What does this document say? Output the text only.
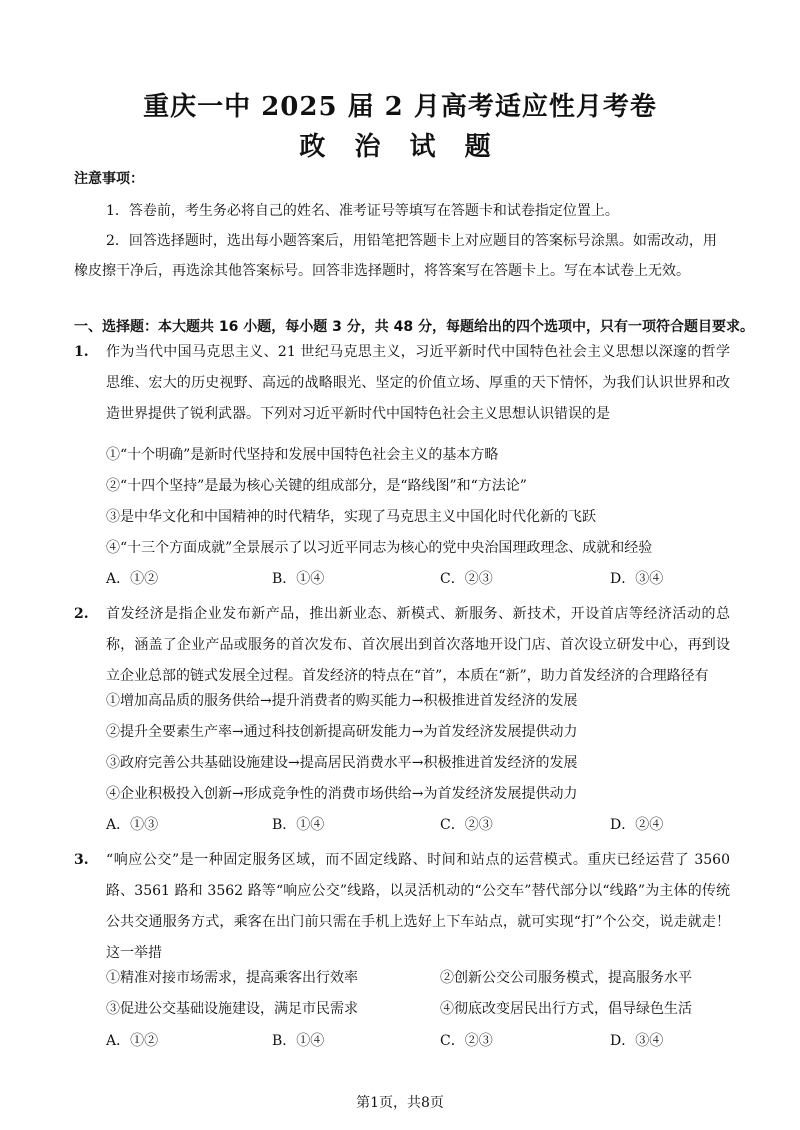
重庆一中 2025 届 2 月高考适应性月考卷
政 治 试 题
注意事项：
1．答卷前，考生务必将自己的姓名、准考证号等填写在答题卡和试卷指定位置上。
2．回答选择题时，选出每小题答案后，用铅笔把答题卡上对应题目的答案标号涂黑。如需改动，用
橡皮擦干净后，再选涂其他答案标号。回答非选择题时，将答案写在答题卡上。写在本试卷上无效。
一、选择题：本大题共 16 小题，每小题 3 分，共 48 分，每题给出的四个选项中，只有一项符合题目要求。
1. 作为当代中国马克思主义、21 世纪马克思主义，习近平新时代中国特色社会主义思想以深邃的哲学思维、宏大的历史视野、高远的战略眼光、坚定的价值立场、厚重的天下情怀，为我们认识世界和改造世界提供了锐利武器。下列对习近平新时代中国特色社会主义思想认识错误的是
①“十个明确”是新时代坚持和发展中国特色社会主义的基本方略
②“十四个坚持”是最为核心关键的组成部分，是“路线图”和“方法论”
③是中华文化和中国精神的时代精华，实现了马克思主义中国化时代化新的飞跃
④“十三个方面成就”全景展示了以习近平同志为核心的党中央治国理政理念、成就和经验
A．①②	B．①④	C．②③	D．③④
2. 首发经济是指企业发布新产品，推出新业态、新模式、新服务、新技术，开设首店等经济活动的总称，涵盖了企业产品或服务的首次发布、首次展出到首次落地开设门店、首次设立研发中心，再到设立企业总部的链式发展全过程。首发经济的特点在“首”，本质在“新”，助力首发经济的合理路径有
①增加高品质的服务供给→提升消费者的购买能力→积极推进首发经济的发展
②提升全要素生产率→通过科技创新提高研发能力→为首发经济发展提供动力
③政府完善公共基础设施建设→提高居民消费水平→积极推进首发经济的发展
④企业积极投入创新→形成竞争性的消费市场供给→为首发经济发展提供动力
A．①③	B．①④	C．②③	D．②④
3. “响应公交”是一种固定服务区域，而不固定线路、时间和站点的运营模式。重庆已经运营了 3560 路、3561 路和 3562 路等“响应公交”线路，以灵活机动的“公交车”替代部分以“线路”为主体的传统公共交通服务方式，乘客在出门前只需在手机上选好上下车站点，就可实现“打”个公交，说走就走！这一举措
①精准对接市场需求，提高乘客出行效率	②创新公交公司服务模式，提高服务水平
③促进公交基础设施建设，满足市民需求	④彻底改变居民出行方式，倡导绿色生活
A．①②	B．①④	C．②③	D．③④
第1页，共8页
